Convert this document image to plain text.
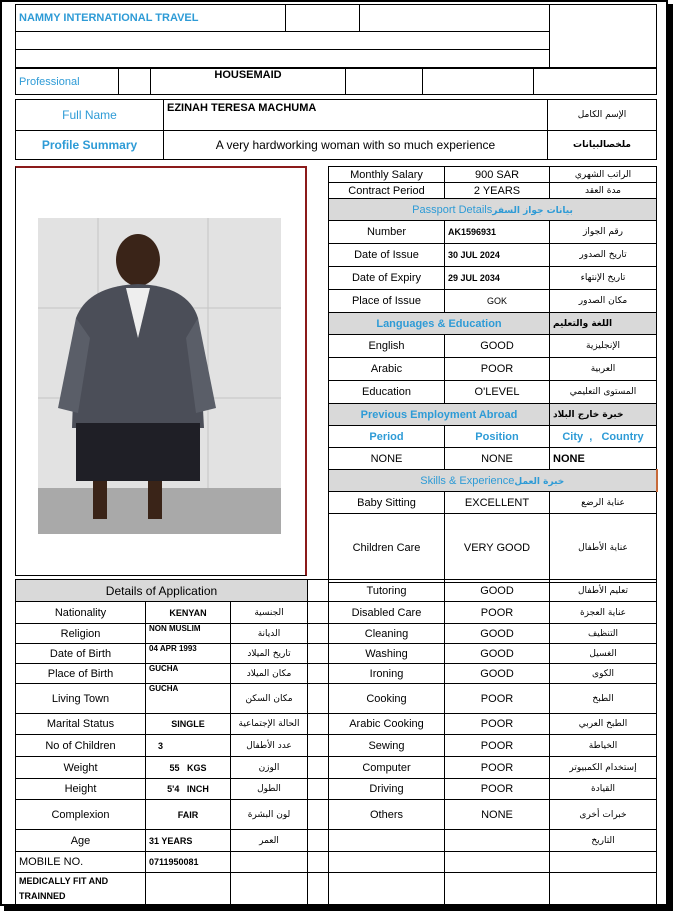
NAMMY INTERNATIONAL TRAVEL			

Professional		HOUSEMAID			
Full Name	EZINAH TERESA MACHUMA	الإسم الكامل
Profile Summary	A very hardworking woman with so much experience	ملخصالبيانات
Monthly Salary	900 SAR	الراتب الشهري
Contract Period	2 YEARS	مدة العقد
Passport Detailsبيانات جواز السفر		
Number	AK1596931	رقم الجواز
Date of Issue	30 JUL 2024	تاريخ الصدور
Date of Expiry	29 JUL 2034	تاريخ الإنتهاء
Place of Issue	GOK	مكان الصدور
Languages & Education		اللغة والتعليم
English	GOOD	الإنجليزية
Arabic	POOR	العربية
Education	O'LEVEL	المستوى التعليمي
Previous Employment Abroad		خبرة خارج البلاد
Period	Position	City  ,   Country
NONE	NONE	NONE
Skills & Experienceخبرة العمل		
Baby Sitting	EXCELLENT	عناية الرضع
Children Care	VERY GOOD	عناية الأطفال
Details of Application			
Nationality	KENYAN	الجنسية	
Religion	NON MUSLIM	الديانة	
Date of Birth	04 APR 1993	تاريخ الميلاد	
Place of Birth	GUCHA	مكان الميلاد	
Living Town	GUCHA	مكان السكن	
Marital Status	SINGLE	الحالة الإجتماعية	
No of Children	3	عدد الأطفال	
Weight	55   KGS	الوزن	
Height	5'4   INCH	الطول	
Complexion	FAIR	لون البشرة	
Age	31 YEARS	العمر	
MOBILE NO.	0711950081		
MEDICALLY FIT AND TRAINNED			
Tutoring	GOOD	تعليم الأطفال
Disabled Care	POOR	عناية العجزة
Cleaning	GOOD	التنظيف
Washing	GOOD	الغسيل
Ironing	GOOD	الكوى
Cooking	POOR	الطبخ
Arabic Cooking	POOR	الطبخ العربي
Sewing	POOR	الخياطة
Computer	POOR	إستخدام الكمبيوتر
Driving	POOR	القيادة
Others	NONE	خبرات أخرى
		التاريخ
